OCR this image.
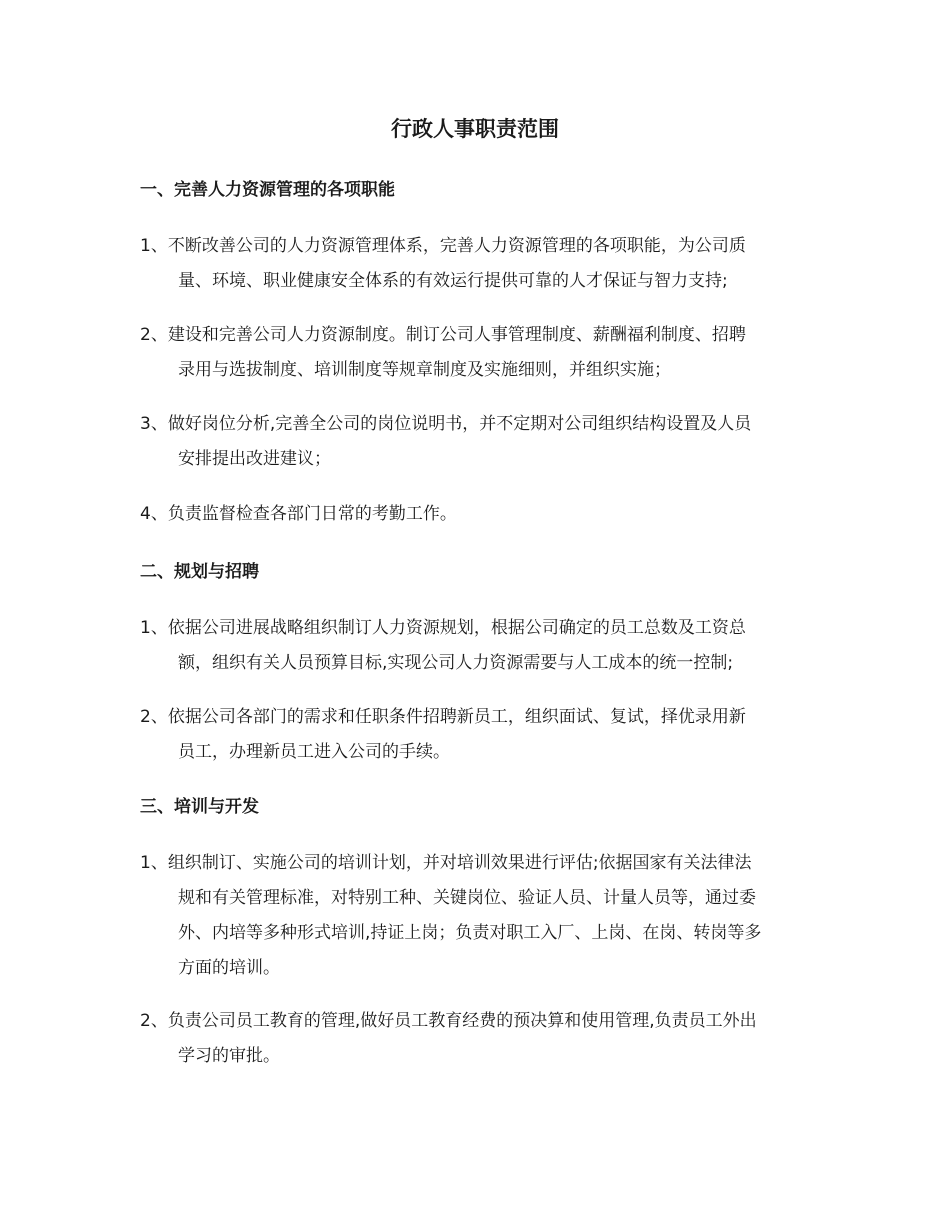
行政人事职责范围
一、完善人力资源管理的各项职能

1、不断改善公司的人力资源管理体系，完善人力资源管理的各项职能，为公司质
量、环境、职业健康安全体系的有效运行提供可靠的人才保证与智力支持;

2、建设和完善公司人力资源制度。制订公司人事管理制度、薪酬福利制度、招聘
录用与选拔制度、培训制度等规章制度及实施细则，并组织实施；

3、做好岗位分析,完善全公司的岗位说明书，并不定期对公司组织结构设置及人员
安排提出改进建议；

4、负责监督检查各部门日常的考勤工作。

二、规划与招聘

1、依据公司进展战略组织制订人力资源规划，根据公司确定的员工总数及工资总
额，组织有关人员预算目标,实现公司人力资源需要与人工成本的统一控制;

2、依据公司各部门的需求和任职条件招聘新员工，组织面试、复试，择优录用新
员工，办理新员工进入公司的手续。

三、培训与开发

1、组织制订、实施公司的培训计划，并对培训效果进行评估;依据国家有关法律法
规和有关管理标准，对特别工种、关键岗位、验证人员、计量人员等，通过委
外、内培等多种形式培训,持证上岗；负责对职工入厂、上岗、在岗、转岗等多
方面的培训。

2、负责公司员工教育的管理,做好员工教育经费的预决算和使用管理,负责员工外出
学习的审批。
